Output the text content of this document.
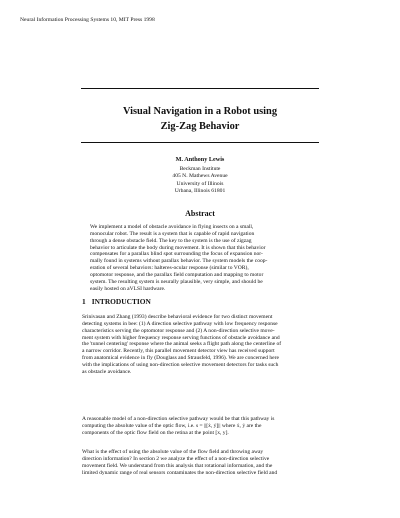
Neural Information Processing Systems 10, MIT Press 1998
Visual Navigation in a Robot using
Zig-Zag Behavior
M. Anthony Lewis
Beckman Institute
405 N. Mathews Avenue
University of Illinois
Urbana, Illinois 61801
Abstract
We implement a model of obstacle avoidance in flying insects on a small,
monocular robot. The result is a system that is capable of rapid navigation
through a dense obstacle field. The key to the system is the use of zigzag
behavior to articulate the body during movement. It is shown that this behavior
compensates for a parallax blind spot surrounding the focus of expansion nor-
mally found in systems without parallax behavior. The system models the coop-
eration of several behaviors: halteres-ocular response (similar to VOR),
optomotor response, and the parallax field computation and mapping to motor
system. The resulting system is neurally plausible, very simple, and should be
easily hosted on aVLSI hardware.
1 INTRODUCTION
Srinivasan and Zhang (1993) describe behavioral evidence for two distinct movement
detecting systems in bee: (1) A direction selective pathway with low frequency response
characteristics serving the optomotor response and (2) A non-direction selective move-
ment system with higher frequency response serving functions of obstacle avoidance and
the 'tunnel centering' response where the animal seeks a flight path along the centerline of
a narrow corridor. Recently, this parallel movement detector view has received support
from anatomical evidence in fly (Douglass and Strausfeld, 1996). We are concerned here
with the implications of using non-direction selective movement detectors for tasks such
as obstacle avoidance.
A reasonable model of a non-direction selective pathway would be that this pathway is
computing the absolute value of the optic flow, i.e. s = ||[ẋ, ẏ]|| where ẋ, ẏ are the
components of the optic flow field on the retina at the point [x, y].
What is the effect of using the absolute value of the flow field and throwing away
direction information? In section 2 we analyze the effect of a non-direction selective
movement field. We understand from this analysis that rotational information, and the
limited dynamic range of real sensors contaminates the non-direction selective field and
